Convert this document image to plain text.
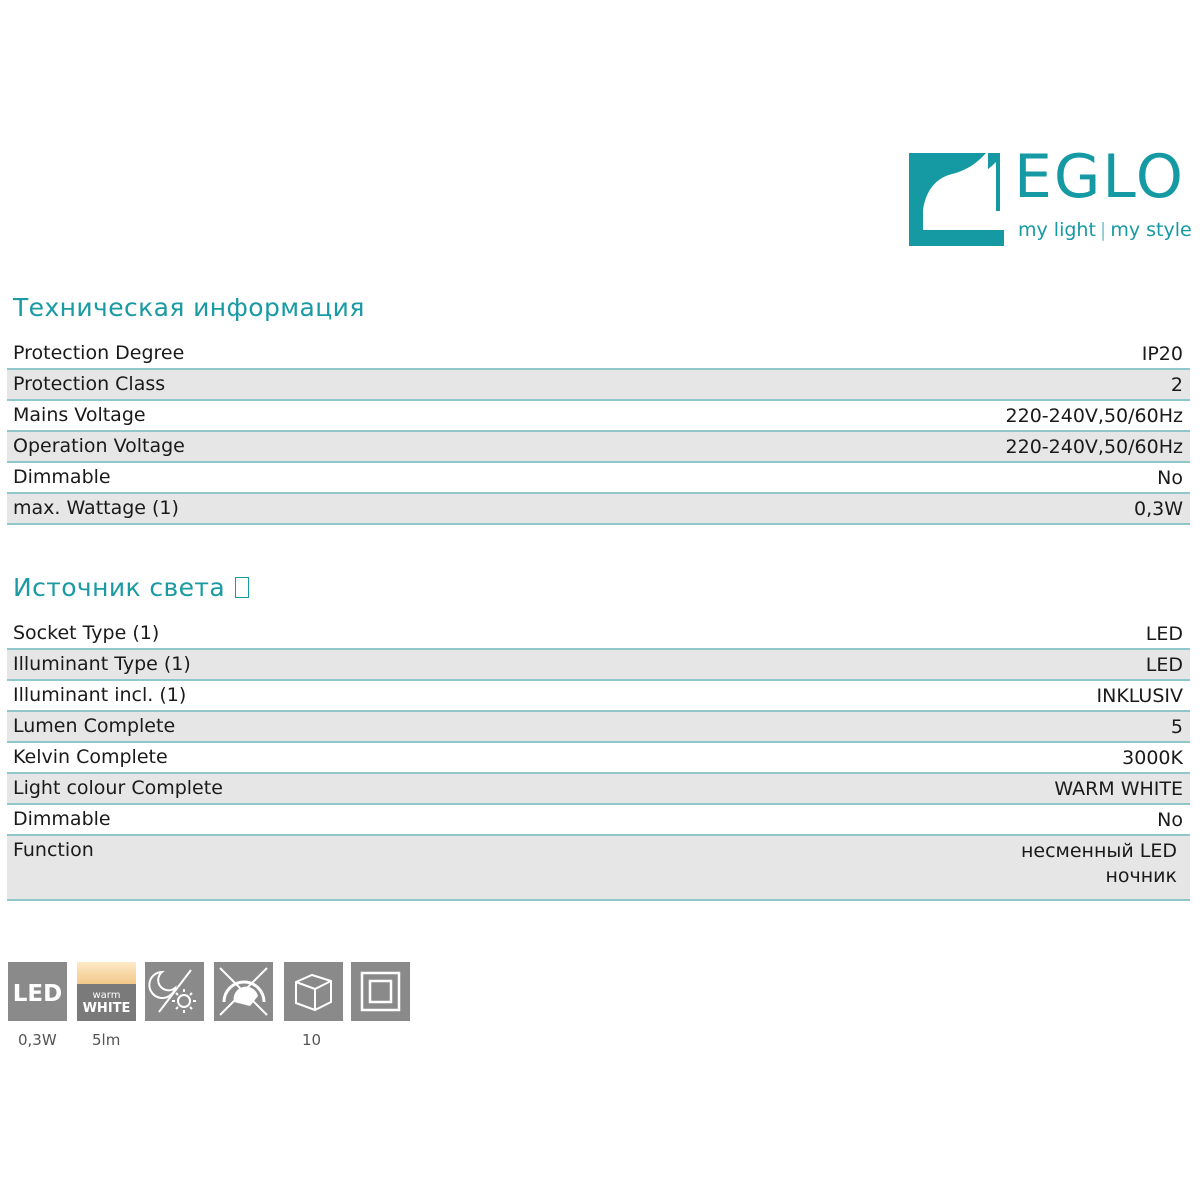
EGLO
my light | my style
Техническая информация
Protection Degree	IP20
Protection Class	2
Mains Voltage	220-240V,50/60Hz
Operation Voltage	220-240V,50/60Hz
Dimmable	No
max. Wattage (1)	0,3W
Источник света
Socket Type (1)	LED
Illuminant Type (1)	LED
Illuminant incl. (1)	INKLUSIV
Lumen Complete	5
Kelvin Complete	3000K
Light colour Complete	WARM WHITE
Dimmable	No
Function	несменный LED
ночник
LED	warm
WHITE
0,3W 5lm	10
